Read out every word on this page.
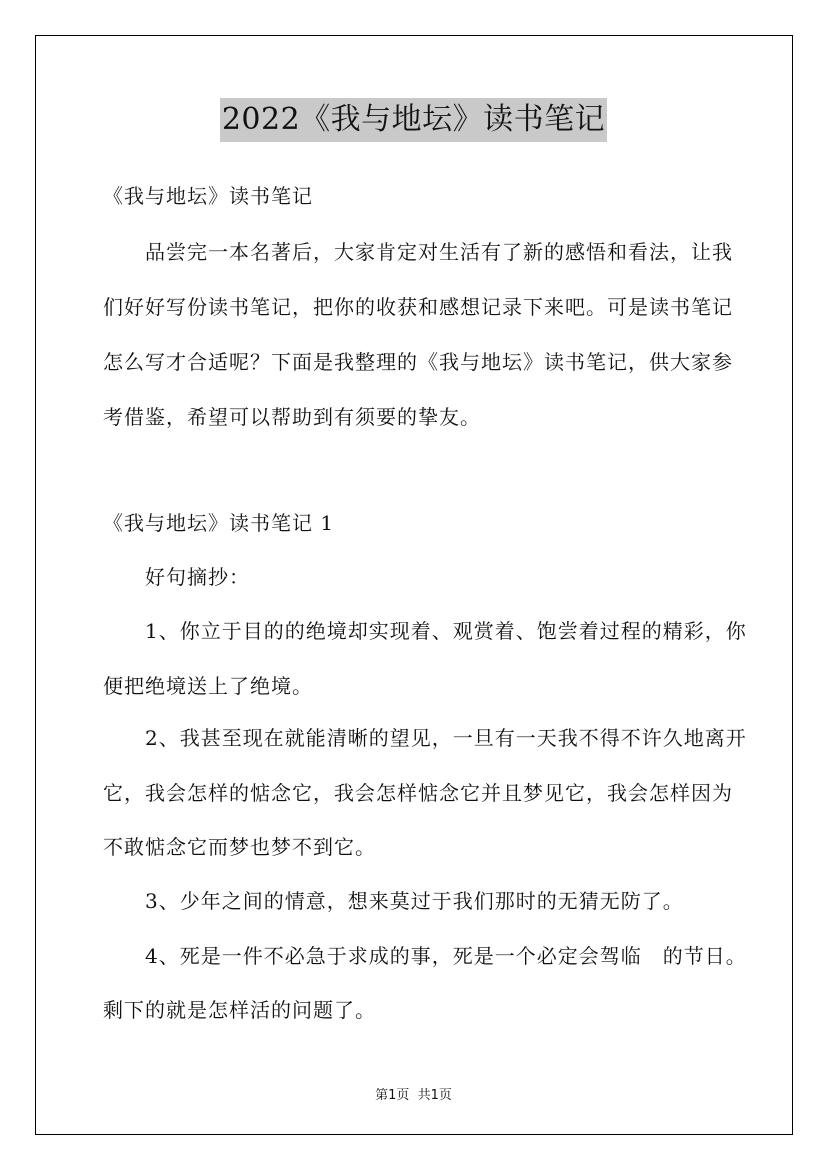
2022《我与地坛》读书笔记

《我与地坛》读书笔记

品尝完一本名著后，大家肯定对生活有了新的感悟和看法，让我

们好好写份读书笔记，把你的收获和感想记录下来吧。可是读书笔记

怎么写才合适呢？下面是我整理的《我与地坛》读书笔记，供大家参

考借鉴，希望可以帮助到有须要的挚友。

《我与地坛》读书笔记 1

好句摘抄：

1、你立于目的的绝境却实现着、观赏着、饱尝着过程的精彩，你

便把绝境送上了绝境。

2、我甚至现在就能清晰的望见，一旦有一天我不得不许久地离开

它，我会怎样的惦念它，我会怎样惦念它并且梦见它，我会怎样因为

不敢惦念它而梦也梦不到它。

3、少年之间的情意，想来莫过于我们那时的无猜无防了。

4、死是一件不必急于求成的事，死是一个必定会驾临　的节日。

剩下的就是怎样活的问题了。

第1页 共1页
